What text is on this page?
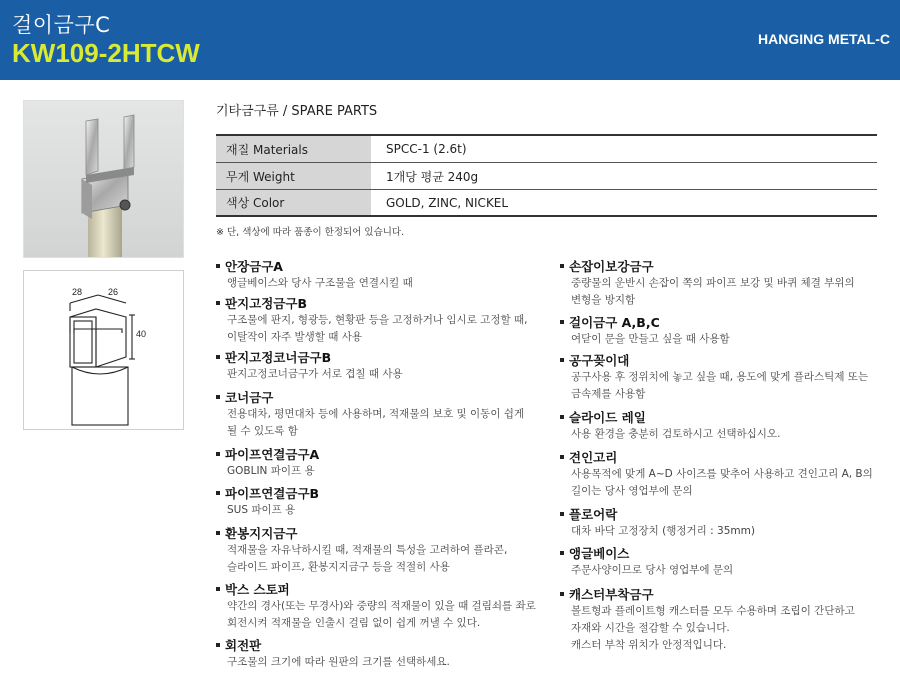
걸이금구C
KW109-2HTCW	HANGING METAL-C
28	26
40
기타금구류 / SPARE PARTS
재질 Materials	SPCC-1 (2.6t)
무게 Weight	1개당 평균 240g
색상 Color	GOLD, ZINC, NICKEL
※ 단, 색상에 따라 품종이 한정되어 있습니다.
안장금구A
앵글베이스와 당사 구조물을 연결시킬 때
판지고정금구B
구조물에 판지, 형광등, 현황판 등을 고정하거나 임시로 고정할 때,
이탈작이 자주 발생할 때 사용
판지고정코너금구B
판지고정코너금구가 서로 겹칠 때 사용
코너금구
전용대차, 평면대차 등에 사용하며, 적재물의 보호 및 이동이 쉽게
될 수 있도록 함
파이프연결금구A
GOBLIN 파이프 용
파이프연결금구B
SUS 파이프 용
환봉지지금구
적재물을 자유낙하시킬 때, 적재물의 특성을 고려하여 플라콘,
슬라이드 파이프, 환봉지지금구 등을 적절히 사용
박스 스토퍼
약간의 경사(또는 무경사)와 중량의 적재물이 있을 때 걸림쇠를 좌로
회전시켜 적재물을 인출시 걸림 없이 쉽게 꺼낼 수 있다.
회전판
구조물의 크기에 따라 원판의 크기를 선택하세요.
손잡이보강금구
중량물의 운반시 손잡이 쪽의 파이프 보강 및 바퀴 체결 부위의
변형을 방지함
걸이금구 A,B,C
여닫이 문을 만들고 싶을 때 사용함
공구꽂이대
공구사용 후 정위치에 놓고 싶을 때, 용도에 맞게 플라스틱제 또는
금속제를 사용함
슬라이드 레일
사용 환경을 충분히 검토하시고 선택하십시오.
견인고리
사용목적에 맞게 A~D 사이즈를 맞추어 사용하고 견인고리 A, B의
길이는 당사 영업부에 문의
플로어락
대차 바닥 고정장치 (행정거리 : 35mm)
앵글베이스
주문사양이므로 당사 영업부에 문의
캐스터부착금구
볼트형과 플레이트형 캐스터를 모두 수용하며 조립이 간단하고
자재와 시간을 절감할 수 있습니다.
캐스터 부착 위치가 안정적입니다.
